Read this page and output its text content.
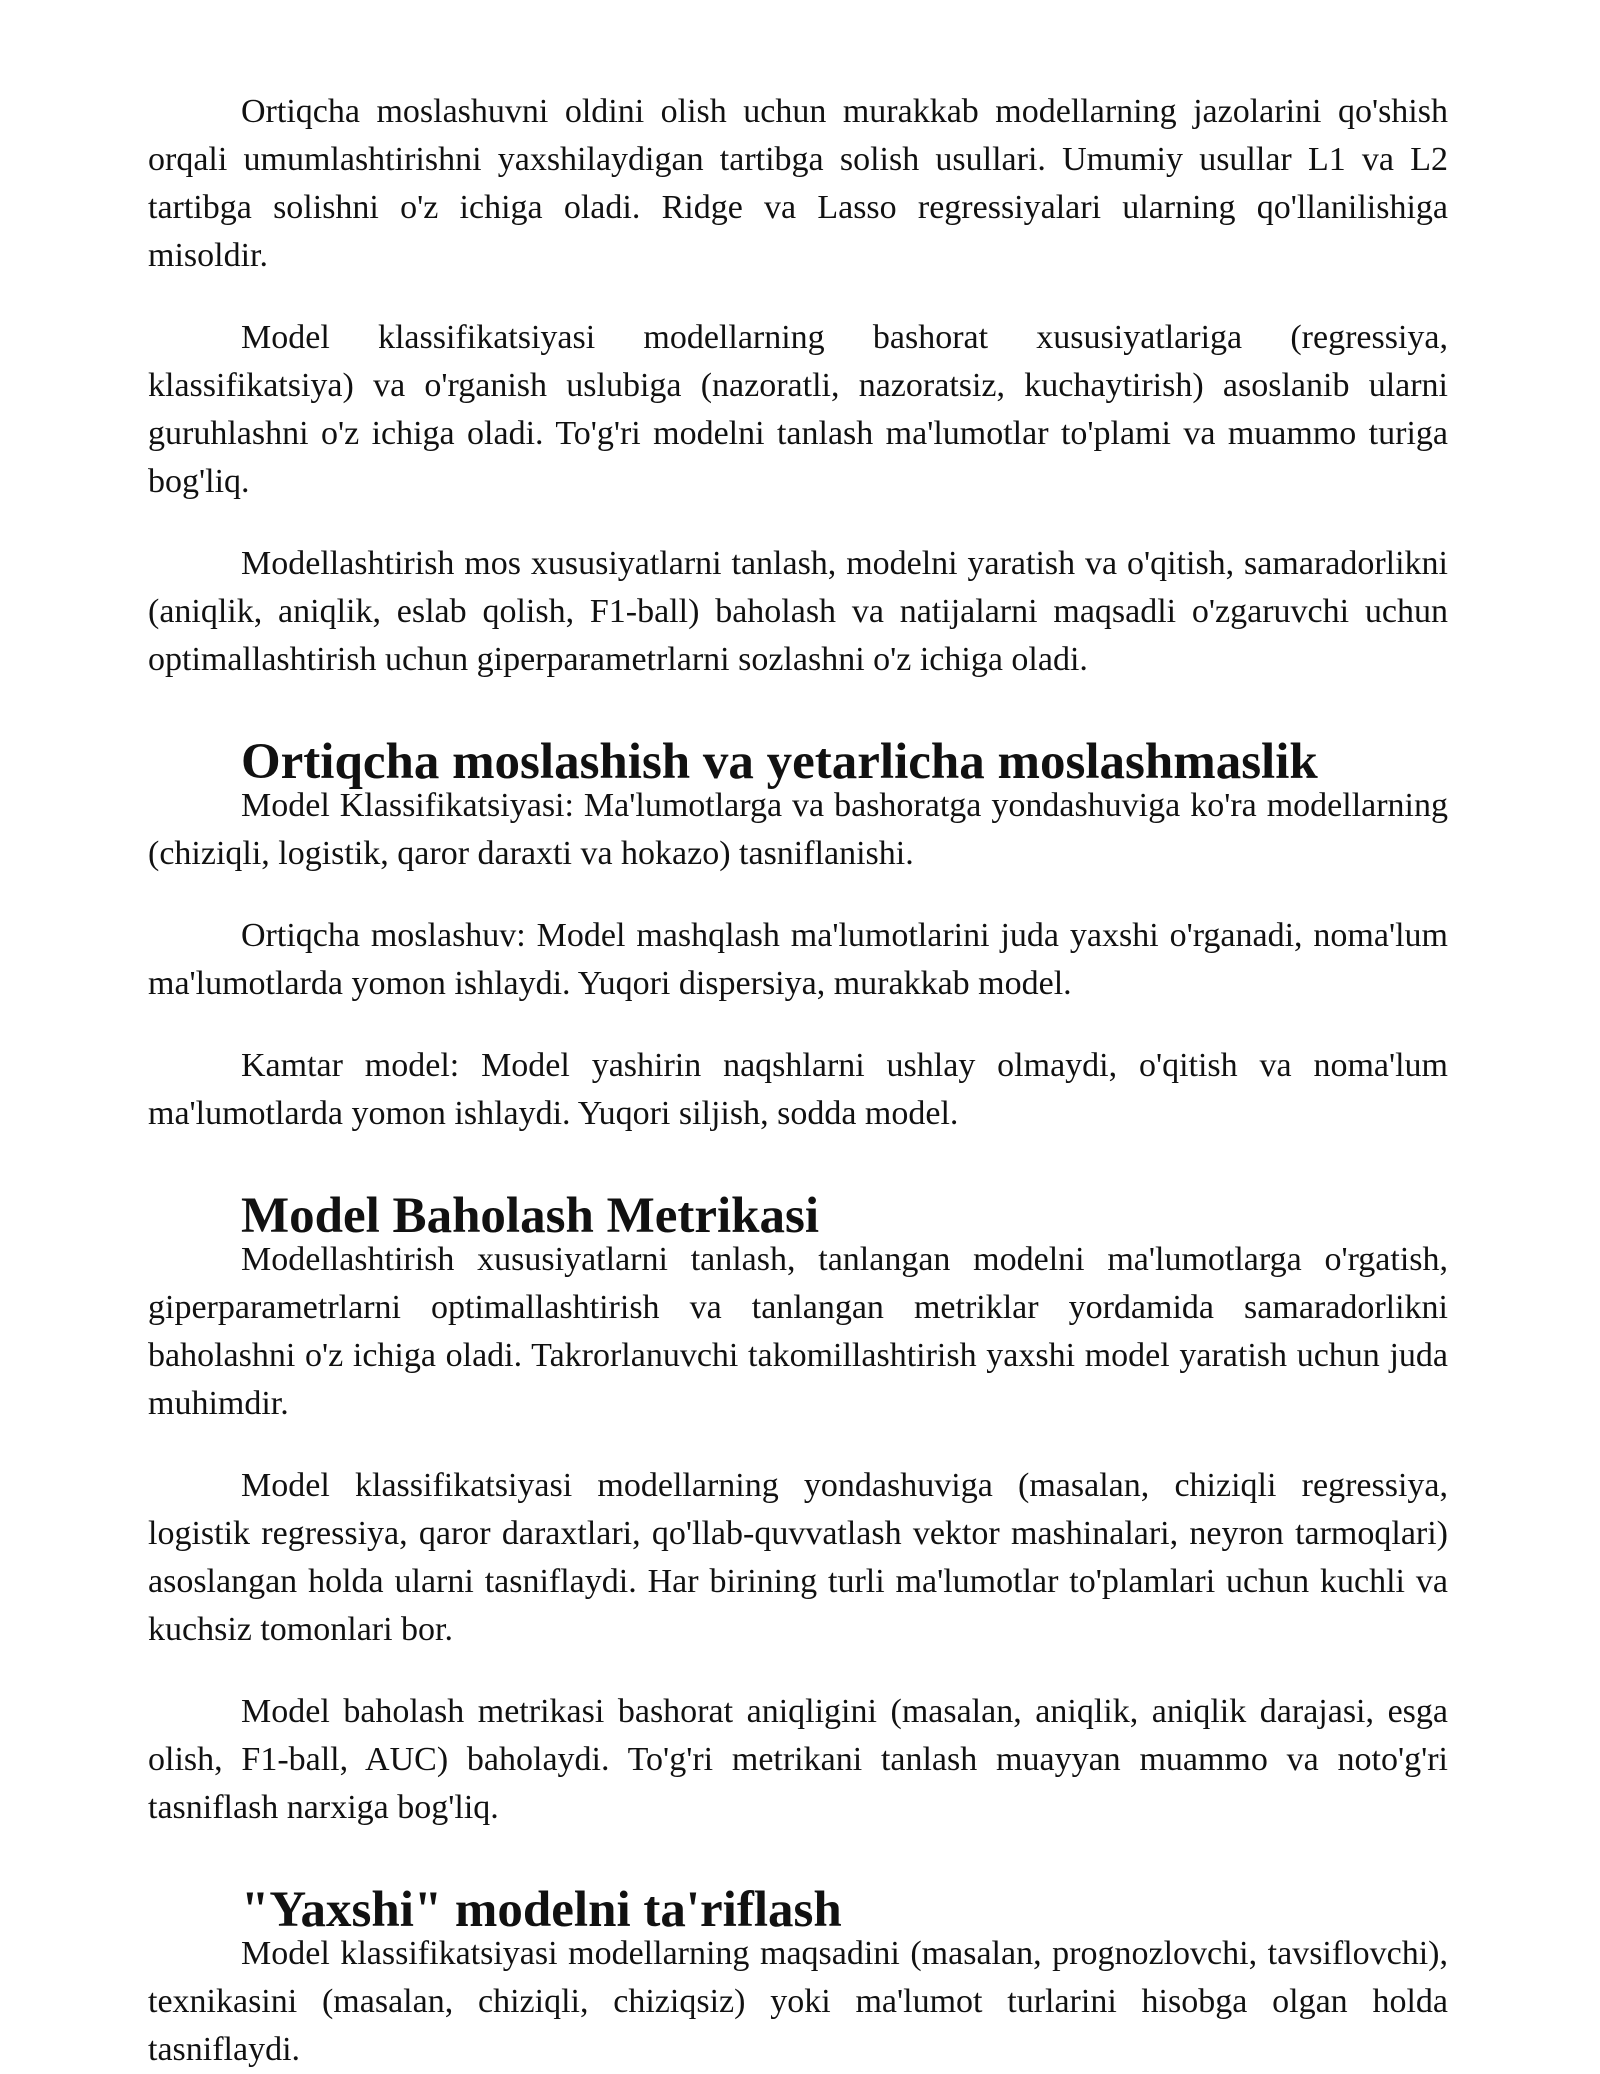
Ortiqcha moslashuvni oldini olish uchun murakkab modellarning jazolarini qo'shish orqali umumlashtirishni yaxshilaydigan tartibga solish usullari. Umumiy usullar L1 va L2 tartibga solishni o'z ichiga oladi. Ridge va Lasso regressiyalari ularning qo'llanilishiga misoldir.

Model klassifikatsiyasi modellarning bashorat xususiyatlariga (regressiya, klassifikatsiya) va o'rganish uslubiga (nazoratli, nazoratsiz, kuchaytirish) asoslanib ularni guruhlashni o'z ichiga oladi. To'g'ri modelni tanlash ma'lumotlar to'plami va muammo turiga bog'liq.

Modellashtirish mos xususiyatlarni tanlash, modelni yaratish va o'qitish, samaradorlikni (aniqlik, aniqlik, eslab qolish, F1-ball) baholash va natijalarni maqsadli o'zgaruvchi uchun optimallashtirish uchun giperparametrlarni sozlashni o'z ichiga oladi.

Ortiqcha moslashish va yetarlicha moslashmaslik

Model Klassifikatsiyasi: Ma'lumotlarga va bashoratga yondashuviga ko'ra modellarning (chiziqli, logistik, qaror daraxti va hokazo) tasniflanishi.

Ortiqcha moslashuv: Model mashqlash ma'lumotlarini juda yaxshi o'rganadi, noma'lum ma'lumotlarda yomon ishlaydi. Yuqori dispersiya, murakkab model.

Kamtar model: Model yashirin naqshlarni ushlay olmaydi, o'qitish va noma'lum ma'lumotlarda yomon ishlaydi. Yuqori siljish, sodda model.

Model Baholash Metrikasi

Modellashtirish xususiyatlarni tanlash, tanlangan modelni ma'lumotlarga o'rgatish, giperparametrlarni optimallashtirish va tanlangan metriklar yordamida samaradorlikni baholashni o'z ichiga oladi. Takrorlanuvchi takomillashtirish yaxshi model yaratish uchun juda muhimdir.

Model klassifikatsiyasi modellarning yondashuviga (masalan, chiziqli regressiya, logistik regressiya, qaror daraxtlari, qo'llab-quvvatlash vektor mashinalari, neyron tarmoqlari) asoslangan holda ularni tasniflaydi. Har birining turli ma'lumotlar to'plamlari uchun kuchli va kuchsiz tomonlari bor.

Model baholash metrikasi bashorat aniqligini (masalan, aniqlik, aniqlik darajasi, esga olish, F1-ball, AUC) baholaydi. To'g'ri metrikani tanlash muayyan muammo va noto'g'ri tasniflash narxiga bog'liq.

"Yaxshi" modelni ta'riflash

Model klassifikatsiyasi modellarning maqsadini (masalan, prognozlovchi, tavsiflovchi), texnikasini (masalan, chiziqli, chiziqsiz) yoki ma'lumot turlarini hisobga olgan holda tasniflaydi.
